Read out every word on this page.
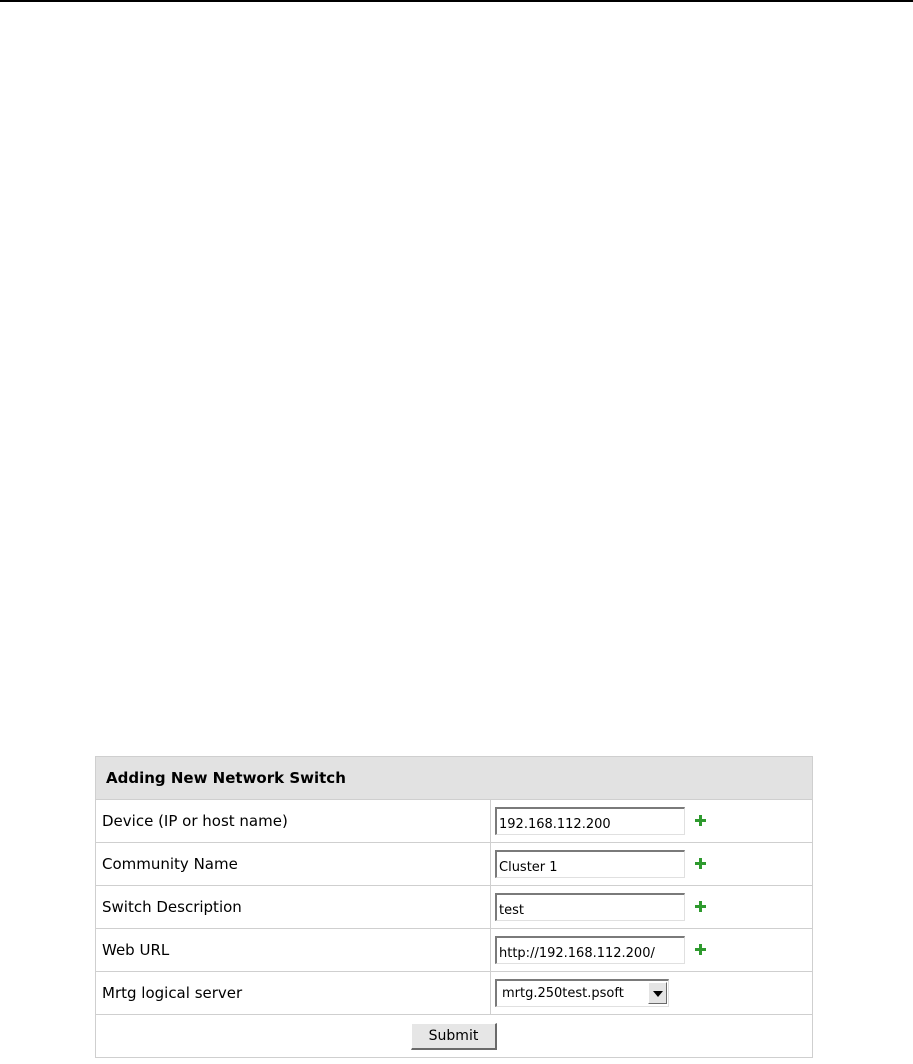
Adding New Network Switch	
Device (IP or host name)	192.168.112.200
Community Name	Cluster 1
Switch Description	test
Web URL	http://192.168.112.200/
Mrtg logical server	mrtg.250test.psoft

Submit	
